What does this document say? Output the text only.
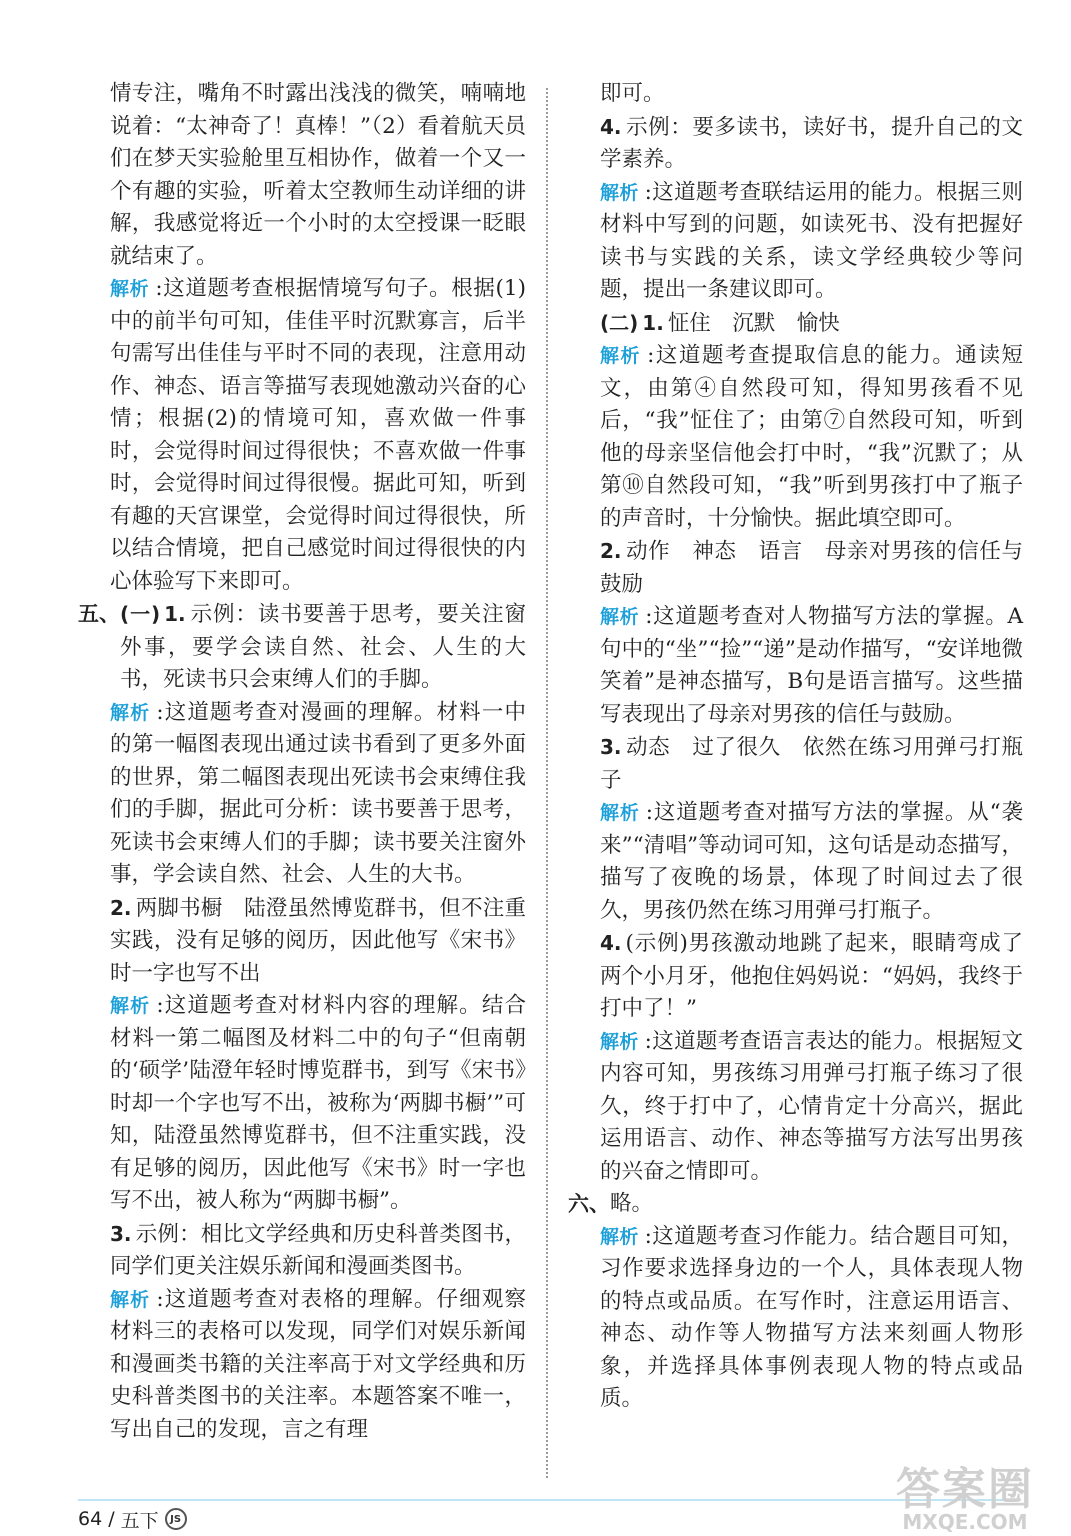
情专注，嘴角不时露出浅浅的微笑，喃喃地说着：“太神奇了！真棒！”（2）看着航天员们在梦天实验舱里互相协作，做着一个又一个有趣的实验，听着太空教师生动详细的讲解，我感觉将近一个小时的太空授课一眨眼就结束了。

解析 :这道题考查根据情境写句子。根据(1)中的前半句可知，佳佳平时沉默寡言，后半句需写出佳佳与平时不同的表现，注意用动作、神态、语言等描写表现她激动兴奋的心情；根据(2)的情境可知，喜欢做一件事时，会觉得时间过得很快；不喜欢做一件事时，会觉得时间过得很慢。据此可知，听到有趣的天宫课堂，会觉得时间过得很快，所以结合情境，把自己感觉时间过得很快的内心体验写下来即可。

五、 (一) 1. 示例：读书要善于思考，要关注窗外事，要学会读自然、社会、人生的大书，死读书只会束缚人们的手脚。

解析 :这道题考查对漫画的理解。材料一中的第一幅图表现出通过读书看到了更多外面的世界，第二幅图表现出死读书会束缚住我们的手脚，据此可分析：读书要善于思考，死读书会束缚人们的手脚；读书要关注窗外事，学会读自然、社会、人生的大书。

2. 两脚书橱　陆澄虽然博览群书，但不注重实践，没有足够的阅历，因此他写《宋书》时一字也写不出

解析 :这道题考查对材料内容的理解。结合材料一第二幅图及材料二中的句子“但南朝的‘硕学’陆澄年轻时博览群书，到写《宋书》时却一个字也写不出，被称为‘两脚书橱’”可知，陆澄虽然博览群书，但不注重实践，没有足够的阅历，因此他写《宋书》时一字也写不出，被人称为“两脚书橱”。

3. 示例：相比文学经典和历史科普类图书，同学们更关注娱乐新闻和漫画类图书。

解析 :这道题考查对表格的理解。仔细观察材料三的表格可以发现，同学们对娱乐新闻和漫画类书籍的关注率高于对文学经典和历史科普类图书的关注率。本题答案不唯一，写出自己的发现，言之有理

即可。

4. 示例：要多读书，读好书，提升自己的文学素养。

解析 :这道题考查联结运用的能力。根据三则材料中写到的问题，如读死书、没有把握好读书与实践的关系，读文学经典较少等问题，提出一条建议即可。

(二) 1. 怔住　沉默　愉快

解析 :这道题考查提取信息的能力。通读短文，由第④自然段可知，得知男孩看不见后，“我”怔住了；由第⑦自然段可知，听到他的母亲坚信他会打中时，“我”沉默了；从第⑩自然段可知，“我”听到男孩打中了瓶子的声音时，十分愉快。据此填空即可。

2. 动作　神态　语言　母亲对男孩的信任与鼓励

解析 :这道题考查对人物描写方法的掌握。A句中的“坐”“捡”“递”是动作描写，“安详地微笑着”是神态描写，B句是语言描写。这些描写表现出了母亲对男孩的信任与鼓励。

3. 动态　过了很久　依然在练习用弹弓打瓶子

解析 :这道题考查对描写方法的掌握。从“袭来”“清唱”等动词可知，这句话是动态描写，描写了夜晚的场景，体现了时间过去了很久，男孩仍然在练习用弹弓打瓶子。

4. (示例)男孩激动地跳了起来，眼睛弯成了两个小月牙，他抱住妈妈说：“妈妈，我终于打中了！”

解析 :这道题考查语言表达的能力。根据短文内容可知，男孩练习用弹弓打瓶子练习了很久，终于打中了，心情肯定十分高兴，据此运用语言、动作、神态等描写方法写出男孩的兴奋之情即可。

六、 略。

解析 :这道题考查习作能力。结合题目可知，习作要求选择身边的一个人，具体表现人物的特点或品质。在写作时，注意运用语言、神态、动作等人物描写方法来刻画人物形象，并选择具体事例表现人物的特点或品质。

64 / 五下	JS
答案圈
MXQE.COM
